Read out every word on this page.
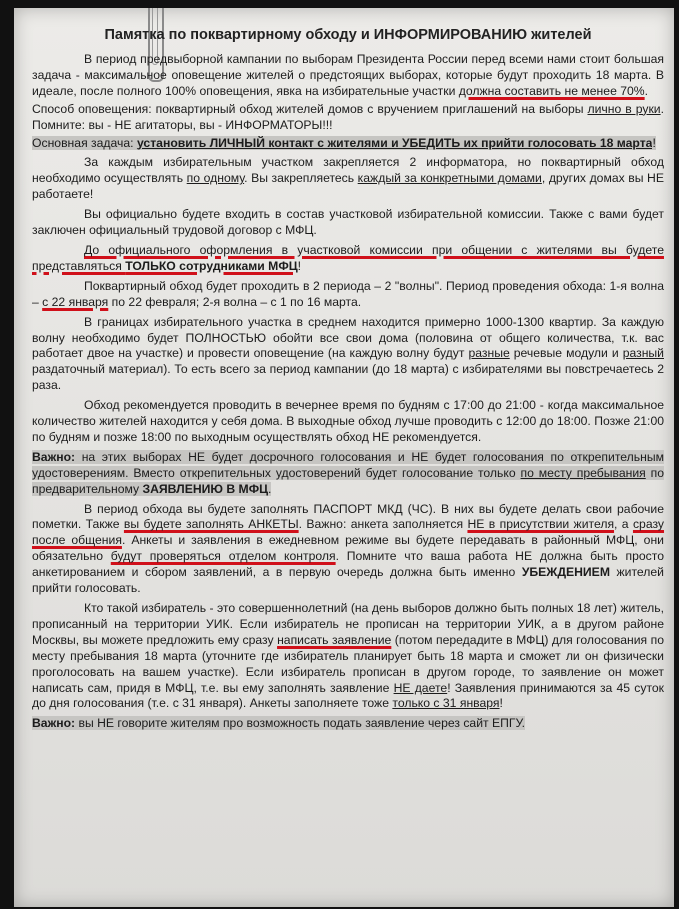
Памятка по поквартирному обходу и ИНФОРМИРОВАНИЮ жителей

В период предвыборной кампании по выборам Президента России перед всеми нами стоит большая задача - максимальное оповещение жителей о предстоящих выборах, которые будут проходить 18 марта. В идеале, после полного 100% оповещения, явка на избирательные участки должна составить не менее 70%.

Способ оповещения: поквартирный обход жителей домов с вручением приглашений на выборы лично в руки. Помните: вы - НЕ агитаторы, вы - ИНФОРМАТОРЫ!!!

Основная задача: установить ЛИЧНЫЙ контакт с жителями и УБЕДИТЬ их прийти голосовать 18 марта!

За каждым избирательным участком закрепляется 2 информатора, но поквартирный обход необходимо осуществлять по одному. Вы закрепляетесь каждый за конкретными домами, других домах вы НЕ работаете!

Вы официально будете входить в состав участковой избирательной комиссии. Также с вами будет заключен официальный трудовой договор с МФЦ.

До официального оформления в участковой комиссии при общении с жителями вы будете представляться ТОЛЬКО сотрудниками МФЦ!

Поквартирный обход будет проходить в 2 периода – 2 "волны". Период проведения обхода: 1-я волна – с 22 января по 22 февраля; 2-я волна – с 1 по 16 марта.

В границах избирательного участка в среднем находится примерно 1000-1300 квартир. За каждую волну необходимо будет ПОЛНОСТЬЮ обойти все свои дома (половина от общего количества, т.к. вас работает двое на участке) и провести оповещение (на каждую волну будут разные речевые модули и разный раздаточный материал). То есть всего за период кампании (до 18 марта) с избирателями вы повстречаетесь 2 раза.

Обход рекомендуется проводить в вечернее время по будням с 17:00 до 21:00 - когда максимальное количество жителей находится у себя дома. В выходные обход лучше проводить с 12:00 до 18:00. Позже 21:00 по будням и позже 18:00 по выходным осуществлять обход НЕ рекомендуется.

Важно: на этих выборах НЕ будет досрочного голосования и НЕ будет голосования по открепительным удостоверениям. Вместо открепительных удостоверений будет голосование только по месту пребывания по предварительному ЗАЯВЛЕНИЮ В МФЦ.

В период обхода вы будете заполнять ПАСПОРТ МКД (ЧС). В них вы будете делать свои рабочие пометки. Также вы будете заполнять АНКЕТЫ. Важно: анкета заполняется НЕ в присутствии жителя, а сразу после общения. Анкеты и заявления в ежедневном режиме вы будете передавать в районный МФЦ, они обязательно будут проверяться отделом контроля. Помните что ваша работа НЕ должна быть просто анкетированием и сбором заявлений, а в первую очередь должна быть именно УБЕЖДЕНИЕМ жителей прийти голосовать.

Кто такой избиратель - это совершеннолетний (на день выборов должно быть полных 18 лет) житель, прописанный на территории УИК. Если избиратель не прописан на территории УИК, а в другом районе Москвы, вы можете предложить ему сразу написать заявление (потом передадите в МФЦ) для голосования по месту пребывания 18 марта (уточните где избиратель планирует быть 18 марта и сможет ли он физически проголосовать на вашем участке). Если избиратель прописан в другом городе, то заявление он может написать сам, придя в МФЦ, т.е. вы ему заполнять заявление НЕ даете! Заявления принимаются за 45 суток до дня голосования (т.е. с 31 января). Анкеты заполняете тоже только с 31 января!

Важно: вы НЕ говорите жителям про возможность подать заявление через сайт ЕПГУ.
